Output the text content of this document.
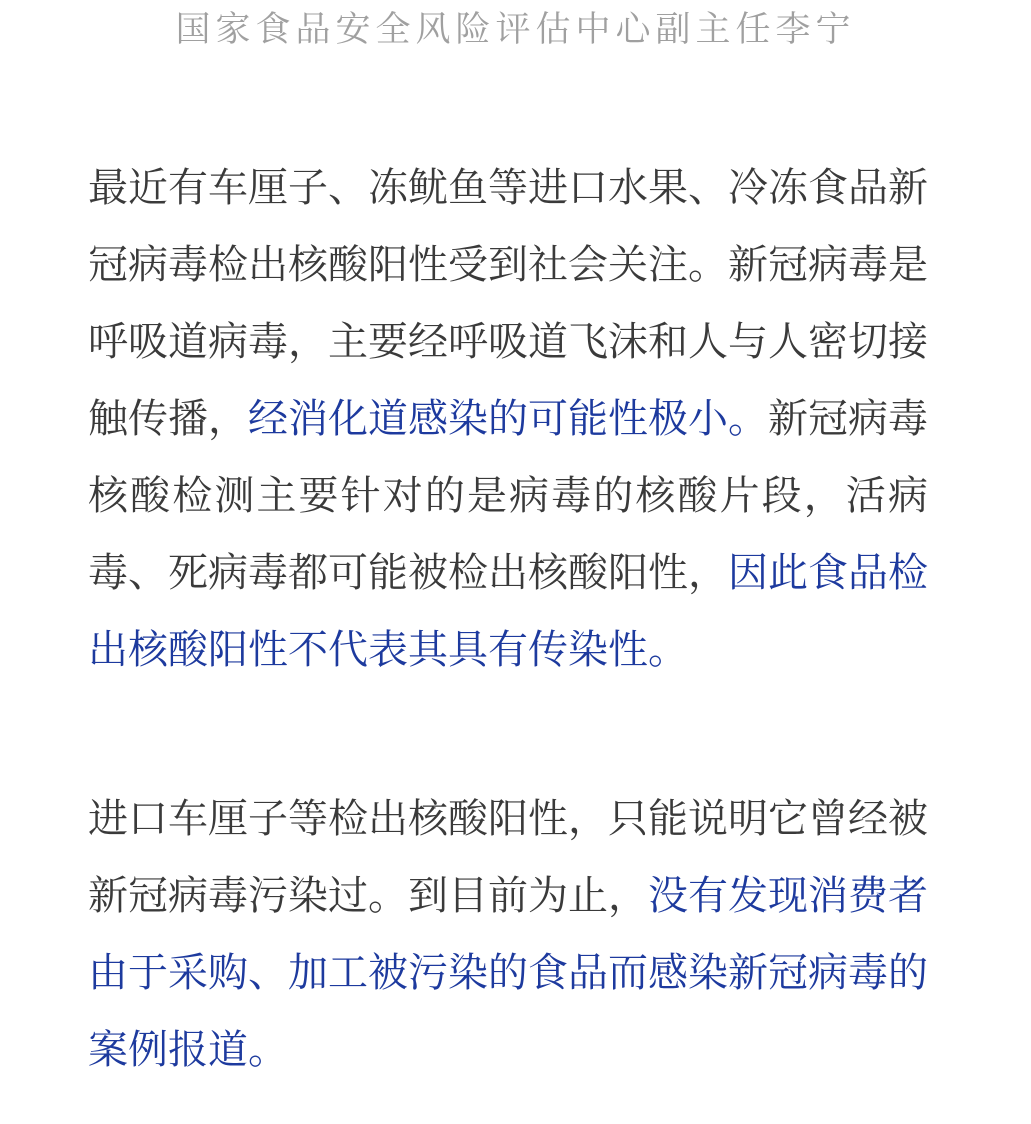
国家食品安全风险评估中心副主任李宁
最近有车厘子、冻鱿鱼等进口水果、冷冻食品新
冠病毒检出核酸阳性受到社会关注。新冠病毒是
呼吸道病毒，主要经呼吸道飞沫和人与人密切接
触传播，经消化道感染的可能性极小。新冠病毒
核酸检测主要针对的是病毒的核酸片段，活病
毒、死病毒都可能被检出核酸阳性，因此食品检
出核酸阳性不代表其具有传染性。
进口车厘子等检出核酸阳性，只能说明它曾经被
新冠病毒污染过。到目前为止，没有发现消费者
由于采购、加工被污染的食品而感染新冠病毒的
案例报道。
